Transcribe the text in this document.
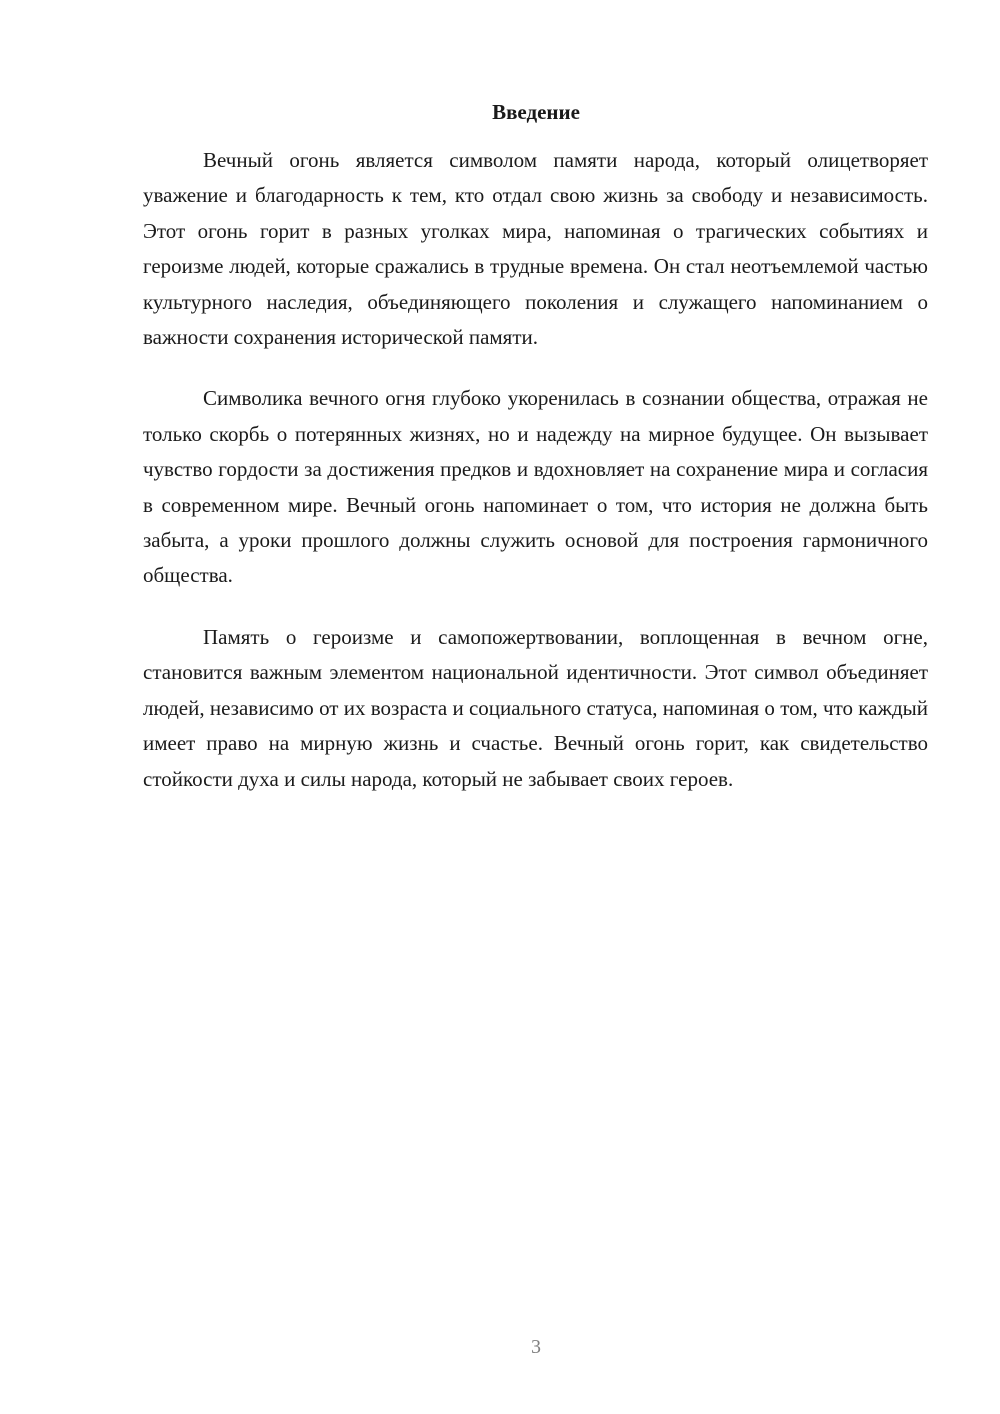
Введение

Вечный огонь является символом памяти народа, который олицетворяет уважение и благодарность к тем, кто отдал свою жизнь за свободу и независимость. Этот огонь горит в разных уголках мира, напоминая о трагических событиях и героизме людей, которые сражались в трудные времена. Он стал неотъемлемой частью культурного наследия, объединяющего поколения и служащего напоминанием о важности сохранения исторической памяти.

Символика вечного огня глубоко укоренилась в сознании общества, отражая не только скорбь о потерянных жизнях, но и надежду на мирное будущее. Он вызывает чувство гордости за достижения предков и вдохновляет на сохранение мира и согласия в современном мире. Вечный огонь напоминает о том, что история не должна быть забыта, а уроки прошлого должны служить основой для построения гармоничного общества.

Память о героизме и самопожертвовании, воплощенная в вечном огне, становится важным элементом национальной идентичности. Этот символ объединяет людей, независимо от их возраста и социального статуса, напоминая о том, что каждый имеет право на мирную жизнь и счастье. Вечный огонь горит, как свидетельство стойкости духа и силы народа, который не забывает своих героев.

3
